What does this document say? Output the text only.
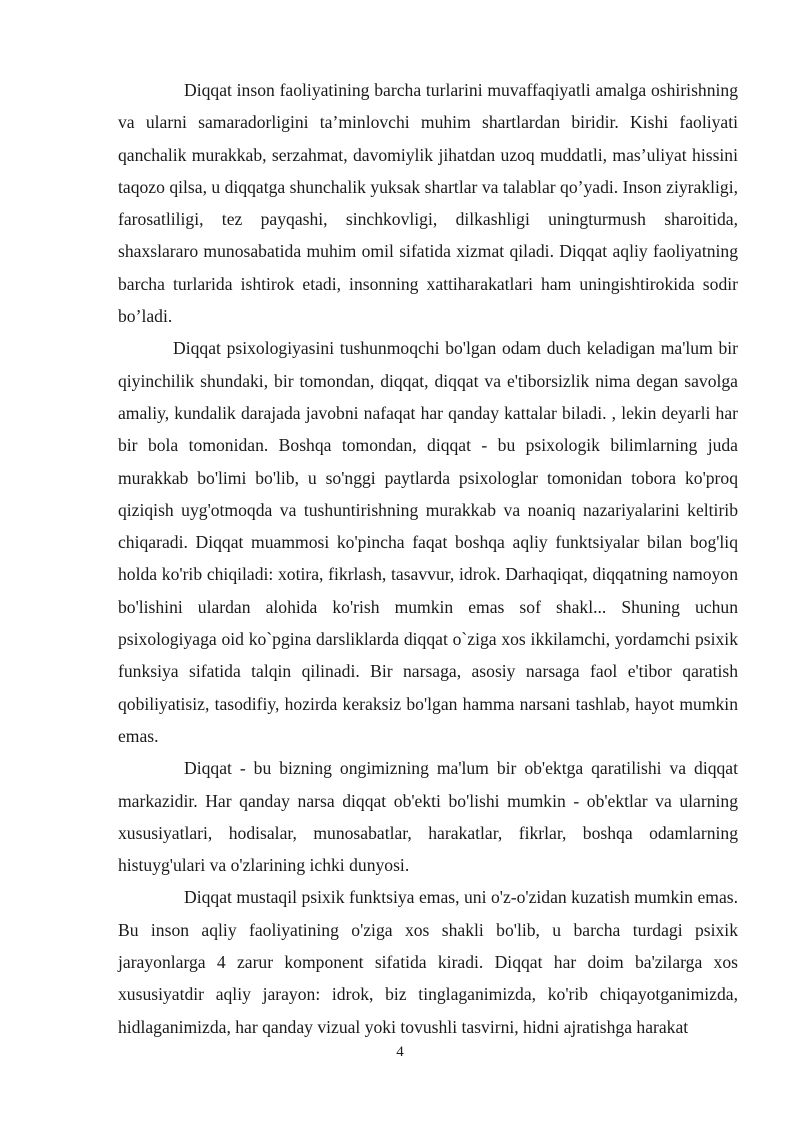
Diqqat inson faoliyatining barcha turlarini muvaffaqiyatli amalga oshirishning va ularni samaradorligini ta’minlovchi muhim shartlardan biridir. Kishi faoliyati qanchalik murakkab, serzahmat, davomiylik jihatdan uzoq muddatli, mas’uliyat hissini taqozo qilsa, u diqqatga shunchalik yuksak shartlar va talablar qo’yadi. Inson ziyrakligi, farosatliligi, tez payqashi, sinchkovligi, dilkashligi uningturmush sharoitida, shaxslararo munosabatida muhim omil sifatida xizmat qiladi. Diqqat aqliy faoliyatning barcha turlarida ishtirok etadi, insonning xattiharakatlari ham uningishtirokida sodir bo’ladi.

Diqqat psixologiyasini tushunmoqchi bo'lgan odam duch keladigan ma'lum bir qiyinchilik shundaki, bir tomondan, diqqat, diqqat va e'tiborsizlik nima degan savolga amaliy, kundalik darajada javobni nafaqat har qanday kattalar biladi. , lekin deyarli har bir bola tomonidan. Boshqa tomondan, diqqat - bu psixologik bilimlarning juda murakkab bo'limi bo'lib, u so'nggi paytlarda psixologlar tomonidan tobora ko'proq qiziqish uyg'otmoqda va tushuntirishning murakkab va noaniq nazariyalarini keltirib chiqaradi. Diqqat muammosi ko'pincha faqat boshqa aqliy funktsiyalar bilan bog'liq holda ko'rib chiqiladi: xotira, fikrlash, tasavvur, idrok. Darhaqiqat, diqqatning namoyon bo'lishini ulardan alohida ko'rish mumkin emas sof shakl... Shuning uchun psixologiyaga oid ko`pgina darsliklarda diqqat o`ziga xos ikkilamchi, yordamchi psixik funksiya sifatida talqin qilinadi. Bir narsaga, asosiy narsaga faol e'tibor qaratish qobiliyatisiz, tasodifiy, hozirda keraksiz bo'lgan hamma narsani tashlab, hayot mumkin emas.

Diqqat - bu bizning ongimizning ma'lum bir ob'ektga qaratilishi va diqqat markazidir. Har qanday narsa diqqat ob'ekti bo'lishi mumkin - ob'ektlar va ularning xususiyatlari, hodisalar, munosabatlar, harakatlar, fikrlar, boshqa odamlarning histuyg'ulari va o'zlarining ichki dunyosi.

Diqqat mustaqil psixik funktsiya emas, uni o'z-o'zidan kuzatish mumkin emas. Bu inson aqliy faoliyatining o'ziga xos shakli bo'lib, u barcha turdagi psixik jarayonlarga 4 zarur komponent sifatida kiradi. Diqqat har doim ba'zilarga xos xususiyatdir aqliy jarayon: idrok, biz tinglaganimizda, ko'rib chiqayotganimizda, hidlaganimizda, har qanday vizual yoki tovushli tasvirni, hidni ajratishga harakat

4
